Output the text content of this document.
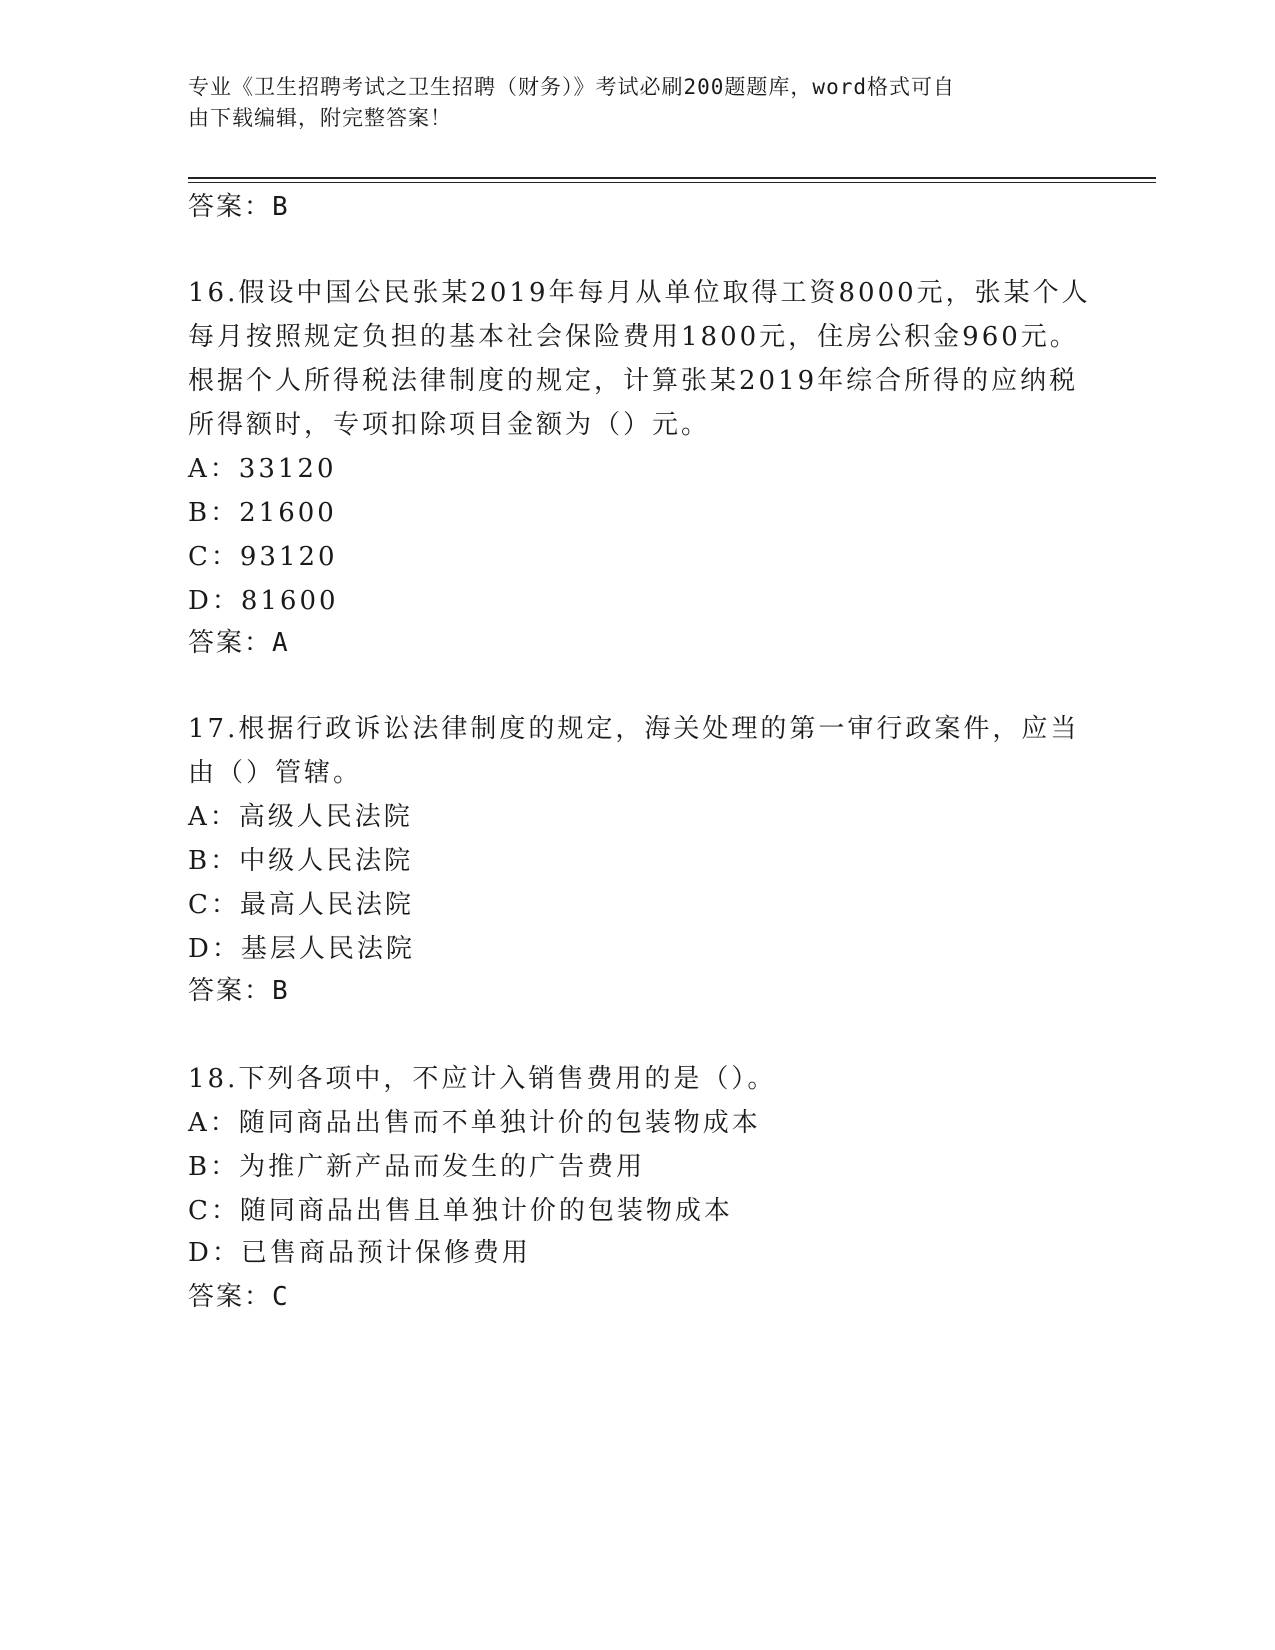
专业《卫生招聘考试之卫生招聘（财务）》考试必刷200题题库，word格式可自
由下载编辑，附完整答案！
答案：B
16.假设中国公民张某2019年每月从单位取得工资8000元，张某个人
每月按照规定负担的基本社会保险费用1800元，住房公积金960元。
根据个人所得税法律制度的规定，计算张某2019年综合所得的应纳税
所得额时，专项扣除项目金额为（）元。
A：33120
B：21600
C：93120
D：81600
答案：A
17.根据行政诉讼法律制度的规定，海关处理的第一审行政案件，应当
由（）管辖。
A：高级人民法院
B：中级人民法院
C：最高人民法院
D：基层人民法院
答案：B
18.下列各项中，不应计入销售费用的是（）。
A：随同商品出售而不单独计价的包装物成本
B：为推广新产品而发生的广告费用
C：随同商品出售且单独计价的包装物成本
D：已售商品预计保修费用
答案：C
